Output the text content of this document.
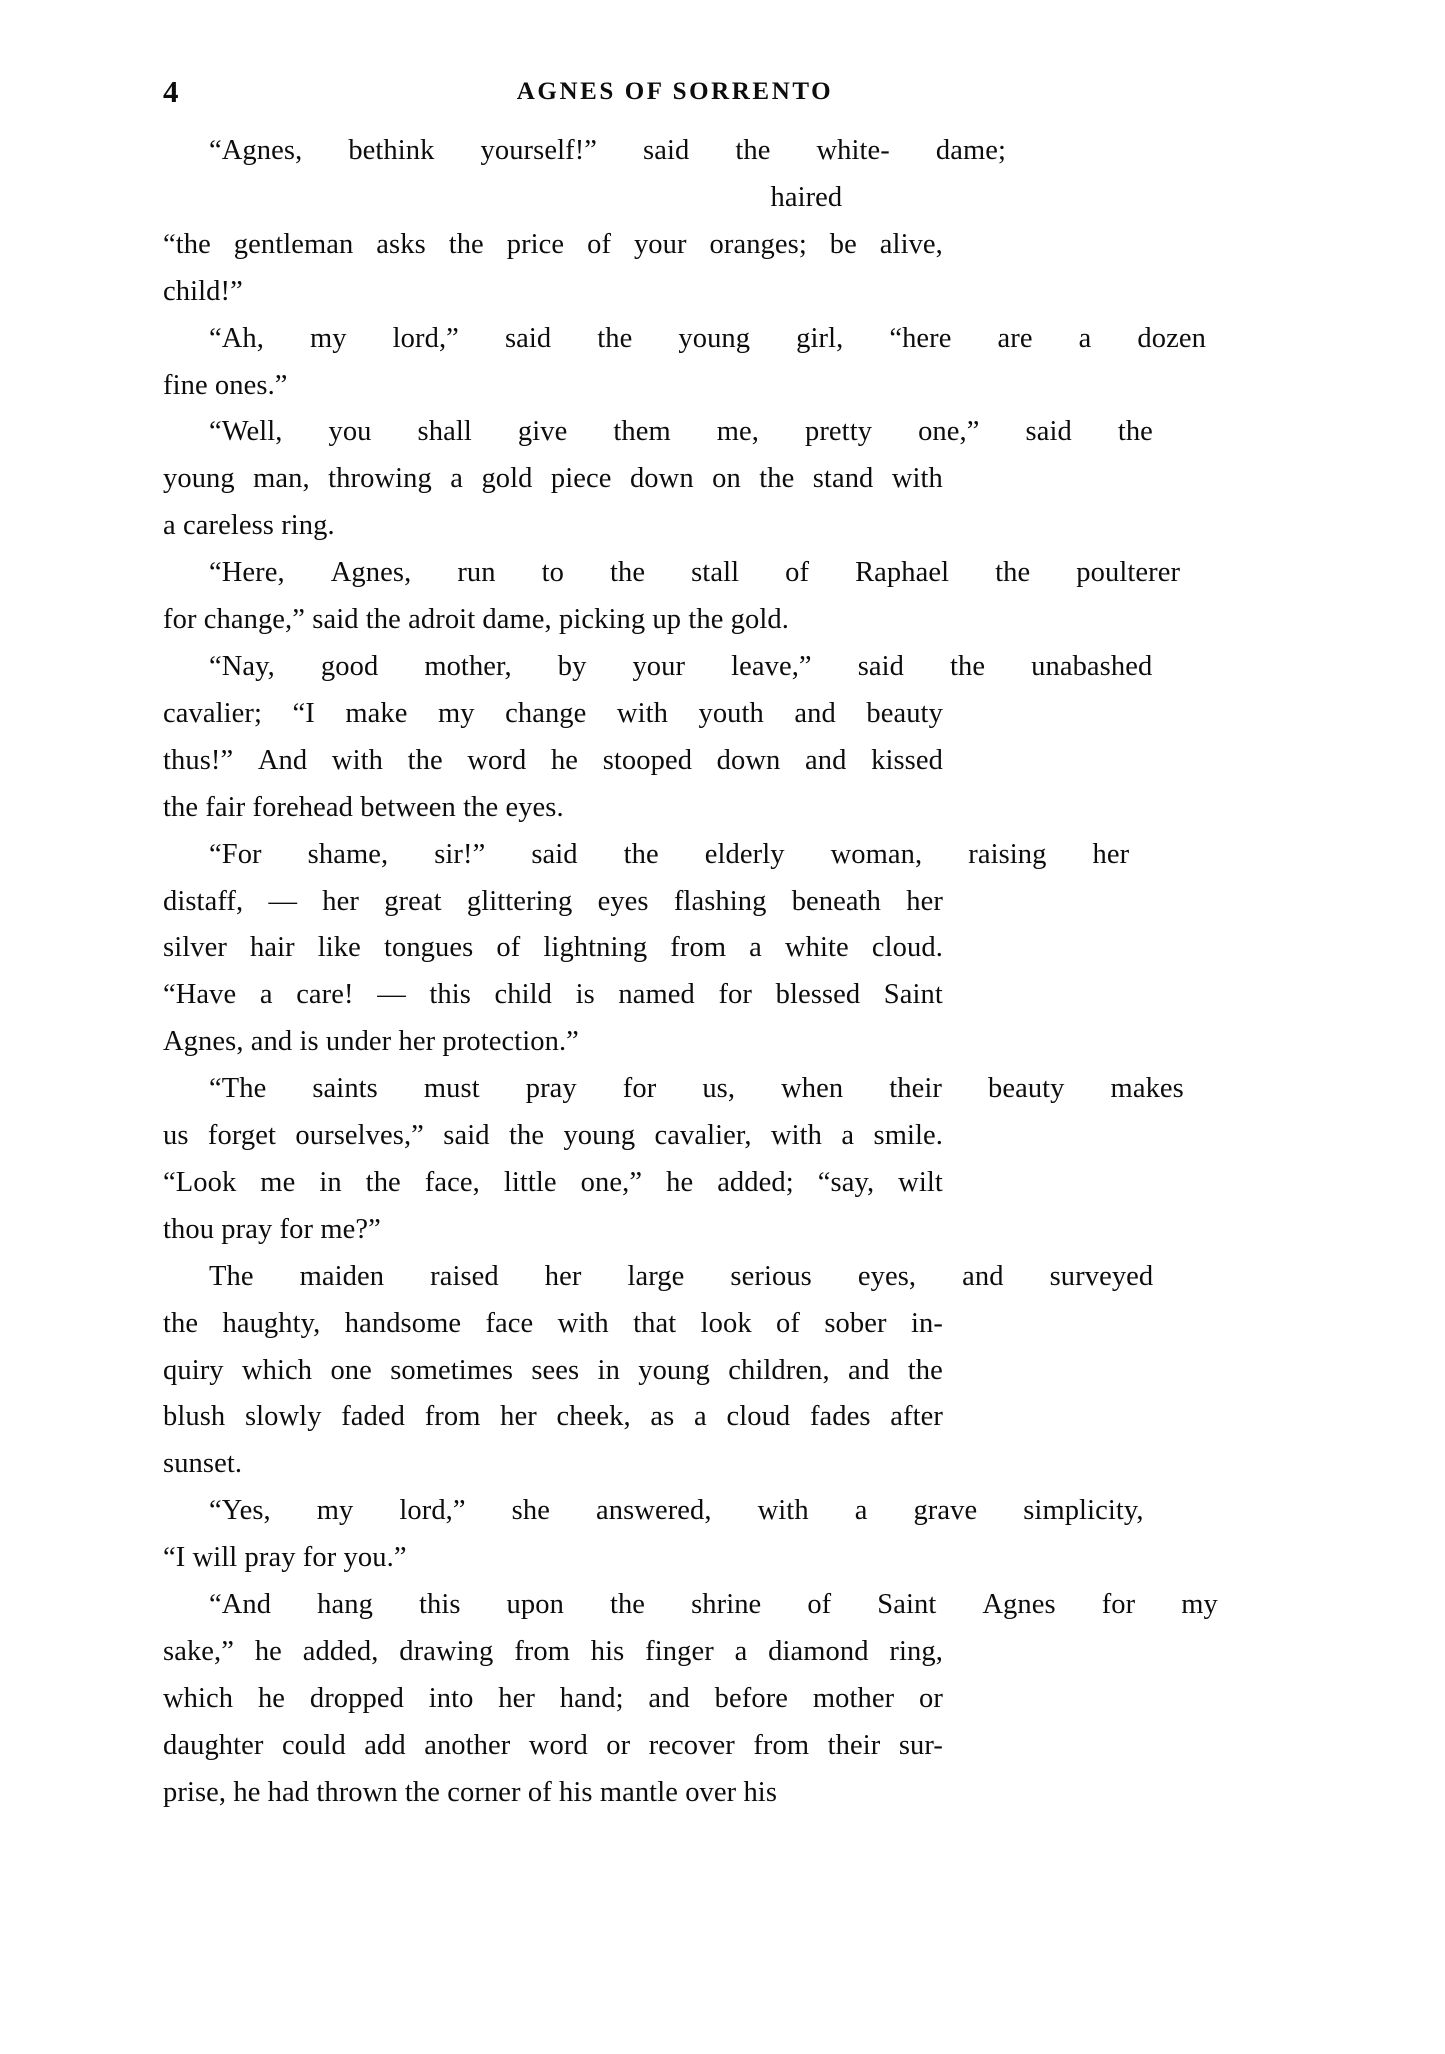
4	AGNES OF SORRENTO

“Agnes,	bethink	yourself!”	said	the	white-haired
dame;
“the gentleman asks the price of your oranges; be alive,
child!”

“Ah,	my	lord,”	said	the	young	girl,	“here	are	a	dozen
fine ones.”

“Well,	you	shall	give	them	me,	pretty	one,”	said	the
young man, throwing a gold piece down on the stand with
a careless ring.

“Here,	Agnes,	run	to	the	stall	of	Raphael	the	poulterer
for change,” said the adroit dame, picking up the gold.

“Nay,	good	mother,	by	your	leave,”	said	the	unabashed
cavalier; “I make my change with youth and beauty
thus!” And with the word he stooped down and kissed
the fair forehead between the eyes.

“For	shame,	sir!”	said	the	elderly	woman,	raising	her
distaff, — her great glittering eyes flashing beneath her
silver hair like tongues of lightning from a white cloud.
“Have a care! — this child is named for blessed Saint
Agnes, and is under her protection.”

“The	saints	must	pray	for	us,	when	their	beauty	makes
us forget ourselves,” said the young cavalier, with a smile.
“Look me in the face, little one,” he added; “say, wilt
thou pray for me?”

The	maiden	raised	her	large	serious	eyes,	and	surveyed
the haughty, handsome face with that look of sober in-
quiry which one sometimes sees in young children, and the
blush slowly faded from her cheek, as a cloud fades after
sunset.

“Yes,	my	lord,”	she	answered,	with	a	grave	simplicity,
“I will pray for you.”

“And	hang	this	upon	the	shrine	of	Saint	Agnes	for	my
sake,” he added, drawing from his finger a diamond ring,
which he dropped into her hand; and before mother or
daughter could add another word or recover from their sur-
prise, he had thrown the corner of his mantle over his
